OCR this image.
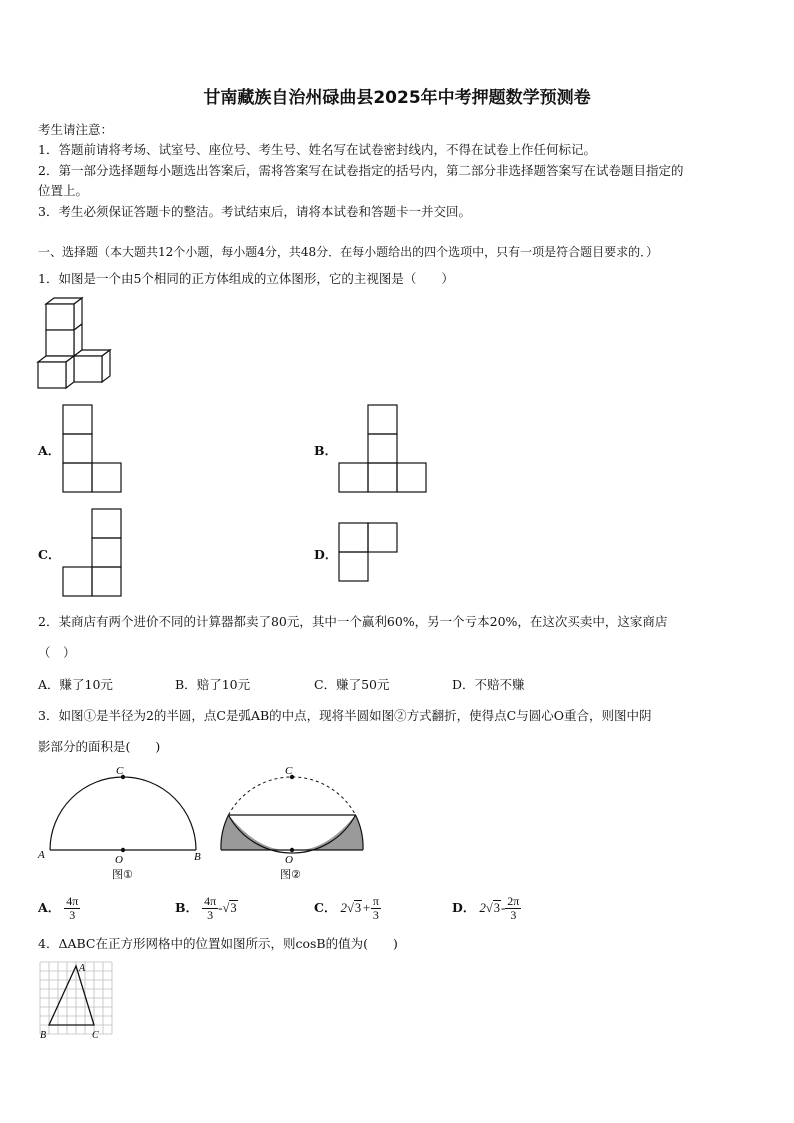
甘南藏族自治州碌曲县2025年中考押题数学预测卷
考生请注意：
1．答题前请将考场、试室号、座位号、考生号、姓名写在试卷密封线内，不得在试卷上作任何标记。
2．第一部分选择题每小题选出答案后，需将答案写在试卷指定的括号内，第二部分非选择题答案写在试卷题目指定的
位置上。
3．考生必须保证答题卡的整洁。考试结束后，请将本试卷和答题卡一并交回。
一、选择题（本大题共12个小题，每小题4分，共48分．在每小题给出的四个选项中，只有一项是符合题目要求的．）
1．如图是一个由5个相同的正方体组成的立体图形，它的主视图是（　　）
A．	B．
C．	D．
2．某商店有两个进价不同的计算器都卖了80元，其中一个赢利60%，另一个亏本20%，在这次买卖中，这家商店
（　）
A．赚了10元	B．赔了10元	C．赚了50元	D．不赔不赚
3．如图①是半径为2的半圆，点C是弧AB的中点，现将半圆如图②方式翻折，使得点C与圆心O重合，则图中阴
影部分的面积是(　　)
C
A	O	B
图①
C
O
图②
A． $\frac{4\pi}{3}$	B． $\frac{4\pi}{3} -√3$	C． $2√3+ \frac{\pi}{3}$	D． $2√3- \frac{2\pi}{3}$
4．ΔABC在正方形网格中的位置如图所示，则cosB的值为(　　)
A
B	C
